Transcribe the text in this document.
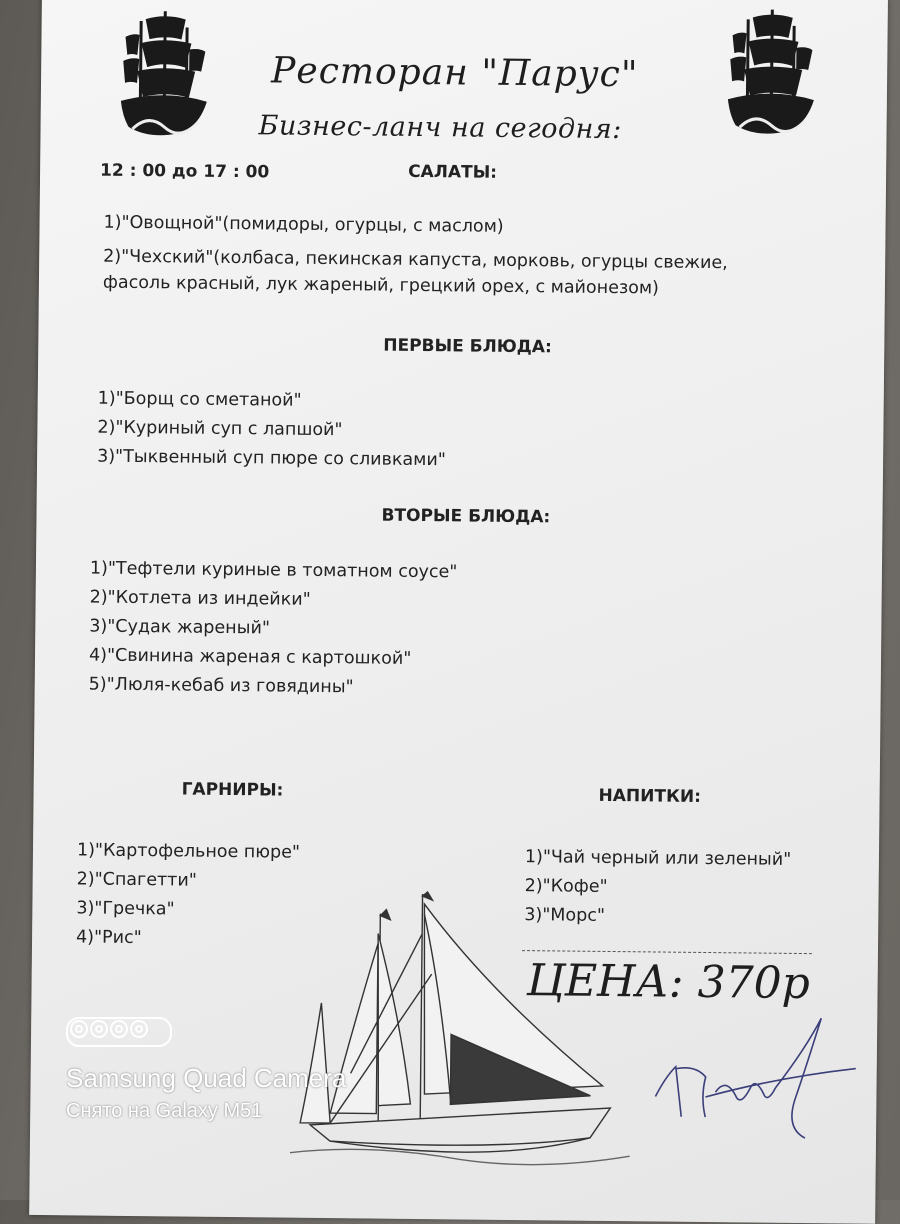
Ресторан "Парус"
Бизнес-ланч на сегодня:
12 : 00 до 17 : 00	САЛАТЫ:
1)"Овощной"(помидоры, огурцы, с маслом)
2)"Чехский"(колбаса, пекинская капуста, морковь, огурцы свежие,
фасоль красный, лук жареный, грецкий орех, с майонезом)
ПЕРВЫЕ БЛЮДА:
1)"Борщ со сметаной"
2)"Куриный суп с лапшой"
3)"Тыквенный суп пюре со сливками"
ВТОРЫЕ БЛЮДА:
1)"Тефтели куриные в томатном соусе"
2)"Котлета из индейки"
3)"Судак жареный"
4)"Свинина жареная с картошкой"
5)"Люля-кебаб из говядины"
ГАРНИРЫ:
1)"Картофельное пюре"
2)"Спагетти"
3)"Гречка"
4)"Рис"
НАПИТКИ:
1)"Чай черный или зеленый"
2)"Кофе"
3)"Морс"
ЦЕНА: 370р
Samsung Quad Camera
Снято на Galaxy M51
